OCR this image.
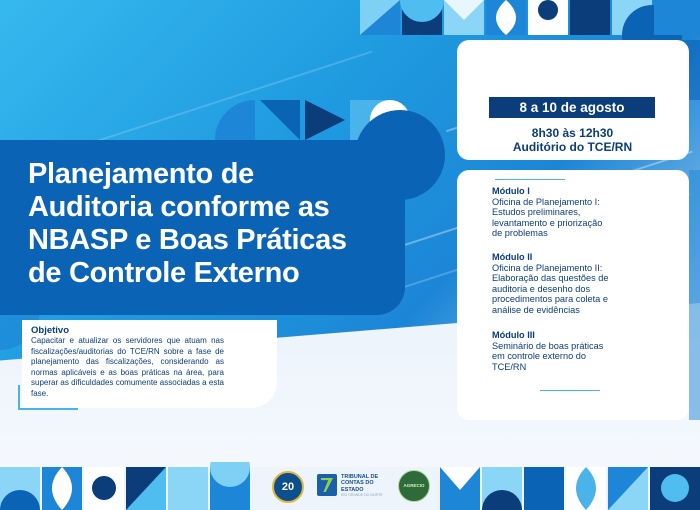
Planejamento de
Auditoria conforme as
NBASP e Boas Práticas
de Controle Externo
Objetivo
Capacitar e atualizar os servidores que atuam nas fiscalizações/auditorias do TCE/RN sobre a fase de planejamento das fiscalizações, considerando as normas aplicáveis e as boas práticas na área, para superar as dificuldades comumente associadas a esta fase.
8 a 10 de agosto
8h30 às 12h30
Auditório do TCE/RN
Módulo I
Oficina de Planejamento I:
Estudos preliminares,
levantamento e priorização
de problemas
Módulo II
Oficina de Planejamento II:
Elaboração das questões de
auditoria e desenho dos
procedimentos para coleta e
análise de evidências
Módulo III
Seminário de boas práticas
em controle externo do
TCE/RN
20
TRIBUNAL DE
CONTAS DO
ESTADO
RIO GRANDE DO NORTE
AGRECIO
